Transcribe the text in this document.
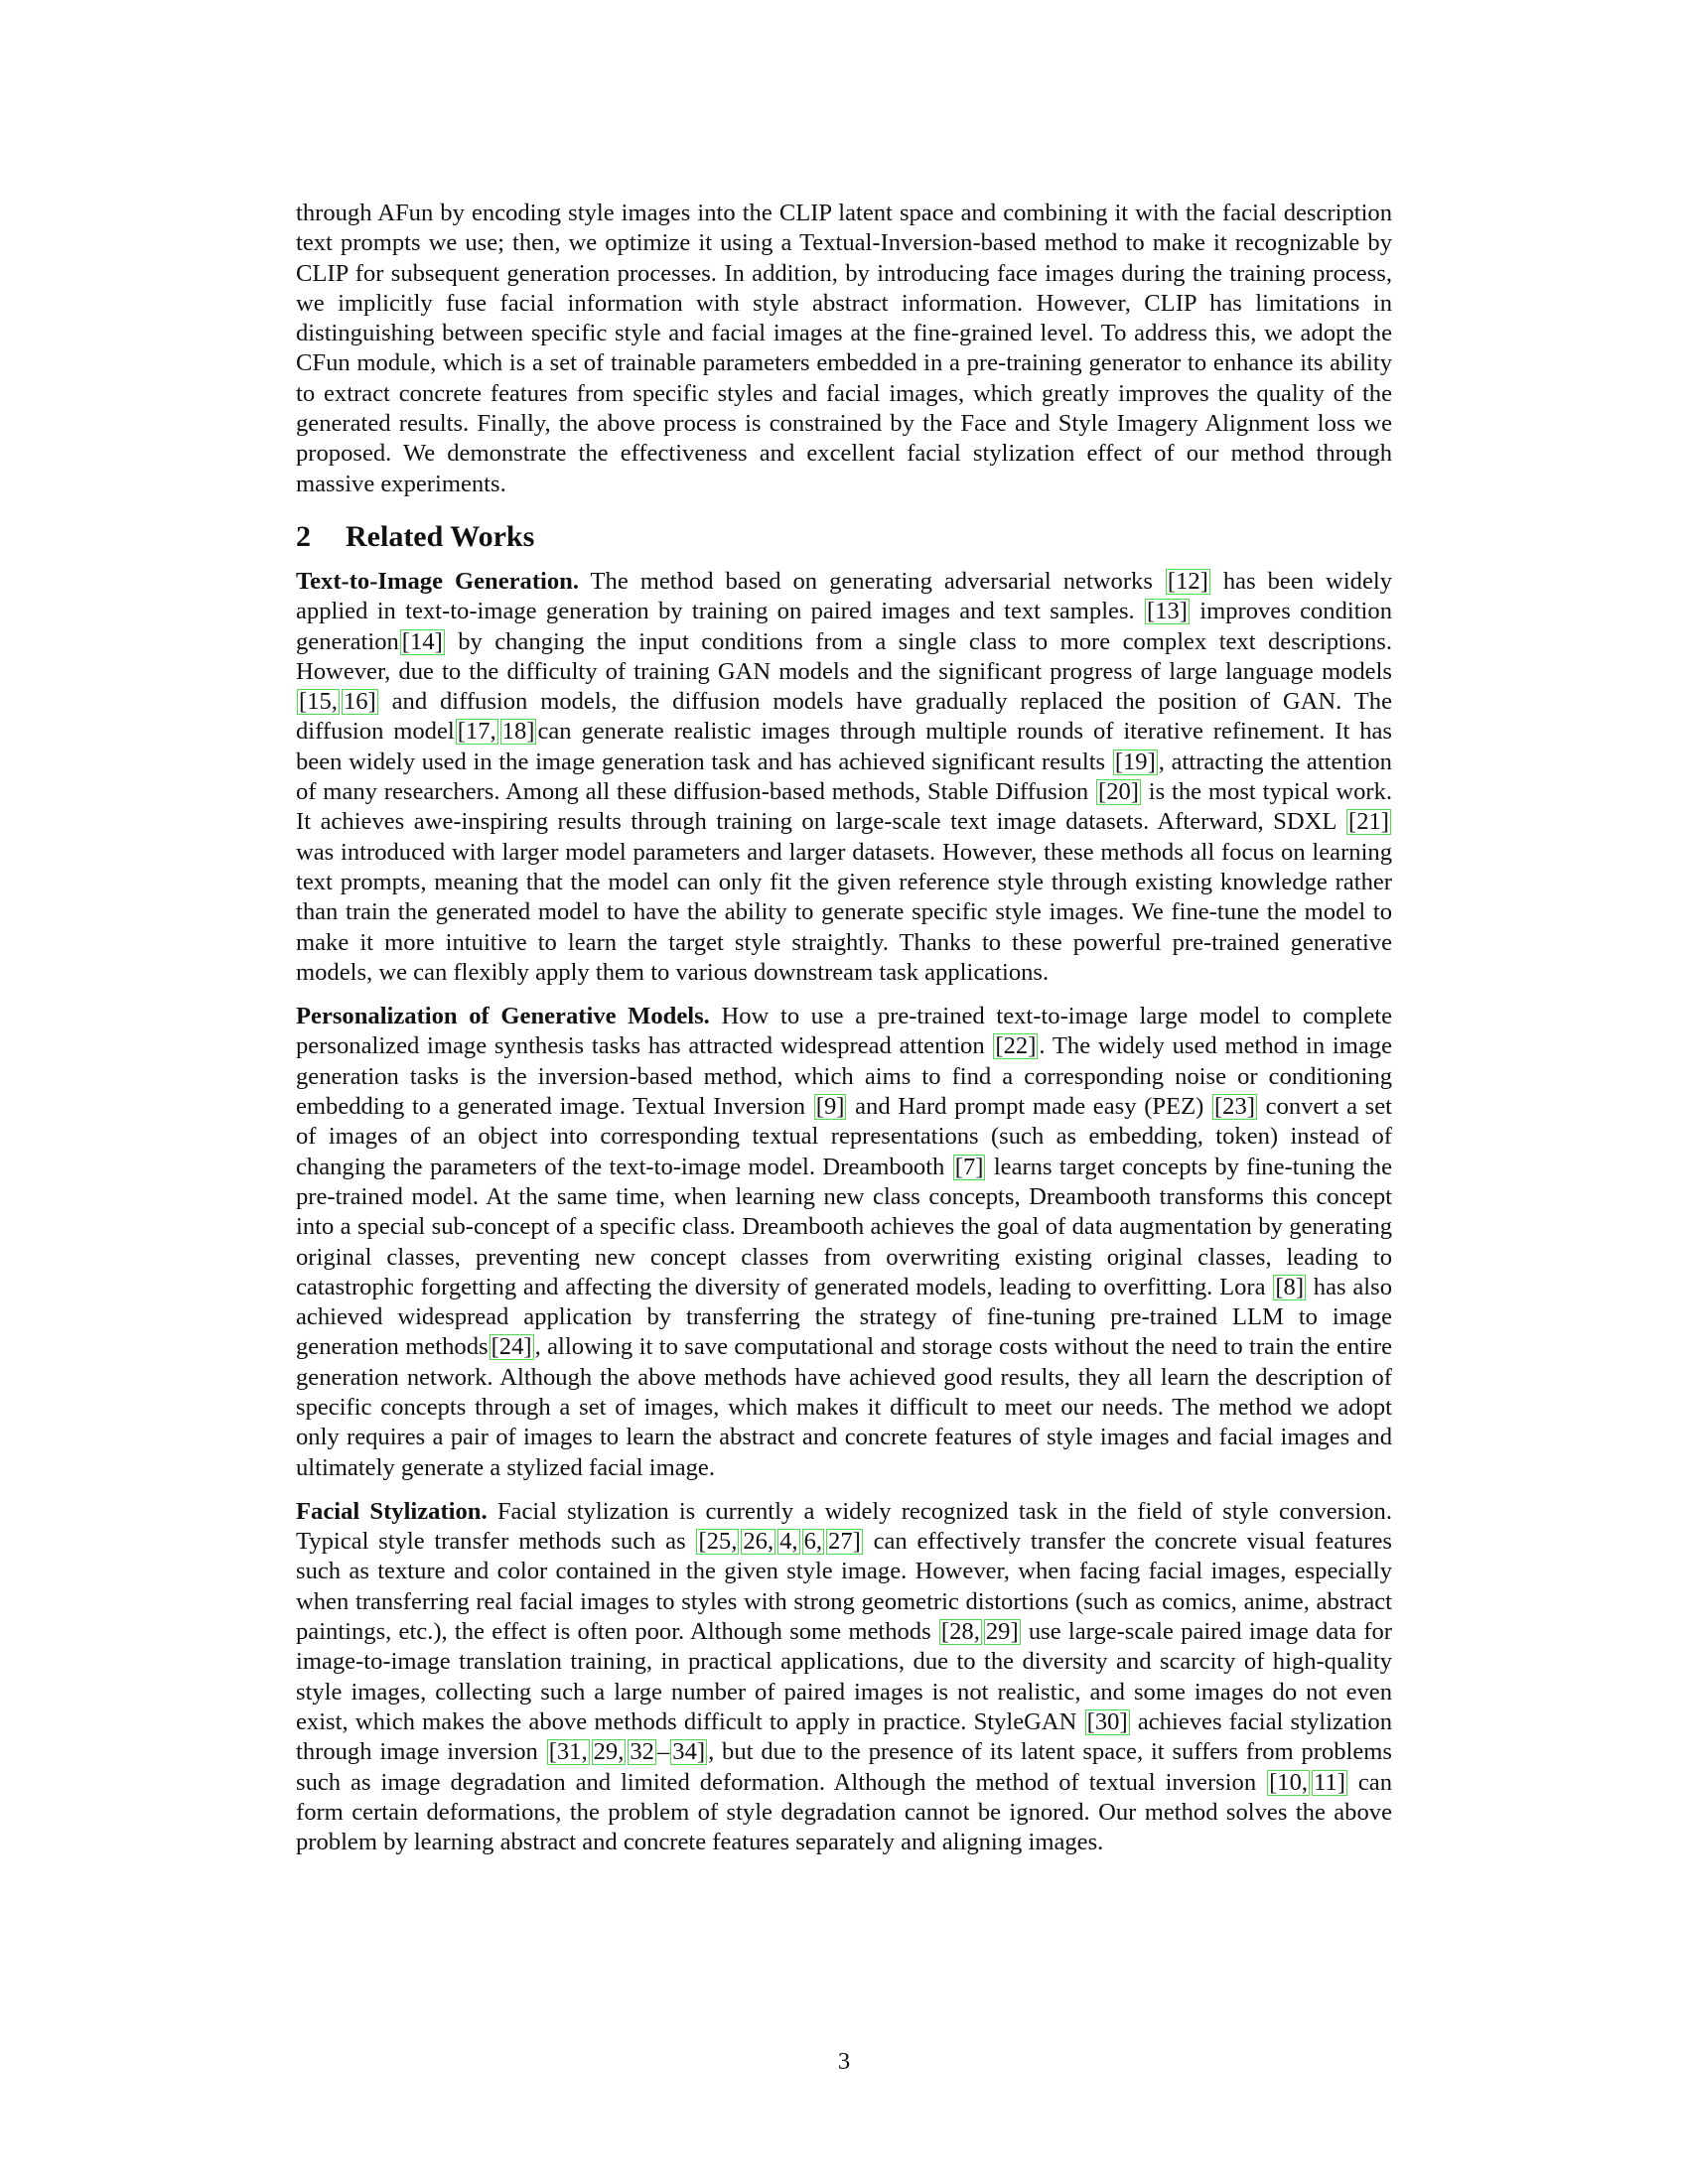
through AFun by encoding style images into the CLIP latent space and combining it with the facial description text prompts we use; then, we optimize it using a Textual-Inversion-based method to make it recognizable by CLIP for subsequent generation processes. In addition, by introducing face images during the training process, we implicitly fuse facial information with style abstract information. However, CLIP has limitations in distinguishing between specific style and facial images at the fine-grained level. To address this, we adopt the CFun module, which is a set of trainable parameters embedded in a pre-training generator to enhance its ability to extract concrete features from specific styles and facial images, which greatly improves the quality of the generated results. Finally, the above process is constrained by the Face and Style Imagery Alignment loss we proposed. We demonstrate the effectiveness and excellent facial stylization effect of our method through massive experiments.

2 Related Works

Text-to-Image Generation. The method based on generating adversarial networks [12] has been widely applied in text-to-image generation by training on paired images and text samples. [13] improves condition generation [14] by changing the input conditions from a single class to more complex text descriptions. However, due to the difficulty of training GAN models and the significant progress of large language models [15, 16] and diffusion models, the diffusion models have gradually replaced the position of GAN. The diffusion model [17, 18] can generate realistic images through multiple rounds of iterative refinement. It has been widely used in the image generation task and has achieved significant results [19] , attracting the attention of many researchers. Among all these diffusion-based methods, Stable Diffusion [20] is the most typical work. It achieves awe-inspiring results through training on large-scale text image datasets. Afterward, SDXL [21] was introduced with larger model parameters and larger datasets. However, these methods all focus on learning text prompts, meaning that the model can only fit the given reference style through existing knowledge rather than train the generated model to have the ability to generate specific style images. We fine-tune the model to make it more intuitive to learn the target style straightly. Thanks to these powerful pre-trained generative models, we can flexibly apply them to various downstream task applications.

Personalization of Generative Models. How to use a pre-trained text-to-image large model to complete personalized image synthesis tasks has attracted widespread attention [22] . The widely used method in image generation tasks is the inversion-based method, which aims to find a corresponding noise or conditioning embedding to a generated image. Textual Inversion [9] and Hard prompt made easy (PEZ) [23] convert a set of images of an object into corresponding textual representations (such as embedding, token) instead of changing the parameters of the text-to-image model. Dreambooth [7] learns target concepts by fine-tuning the pre-trained model. At the same time, when learning new class concepts, Dreambooth transforms this concept into a special sub-concept of a specific class. Dreambooth achieves the goal of data augmentation by generating original classes, preventing new concept classes from overwriting existing original classes, leading to catastrophic forgetting and affecting the diversity of generated models, leading to overfitting. Lora [8] has also achieved widespread application by transferring the strategy of fine-tuning pre-trained LLM to image generation methods [24] , allowing it to save computational and storage costs without the need to train the entire generation network. Although the above methods have achieved good results, they all learn the description of specific concepts through a set of images, which makes it difficult to meet our needs. The method we adopt only requires a pair of images to learn the abstract and concrete features of style images and facial images and ultimately generate a stylized facial image.

Facial Stylization. Facial stylization is currently a widely recognized task in the field of style conversion. Typical style transfer methods such as [25, 26, 4, 6, 27] can effectively transfer the concrete visual features such as texture and color contained in the given style image. However, when facing facial images, especially when transferring real facial images to styles with strong geometric distortions (such as comics, anime, abstract paintings, etc.), the effect is often poor. Although some methods [28, 29] use large-scale paired image data for image-to-image translation training, in practical applications, due to the diversity and scarcity of high-quality style images, collecting such a large number of paired images is not realistic, and some images do not even exist, which makes the above methods difficult to apply in practice. StyleGAN [30] achieves facial stylization through image inversion [31, 29, 32 – 34] , but due to the presence of its latent space, it suffers from problems such as image degradation and limited deformation. Although the method of textual inversion [10, 11] can form certain deformations, the problem of style degradation cannot be ignored. Our method solves the above problem by learning abstract and concrete features separately and aligning images.

3
